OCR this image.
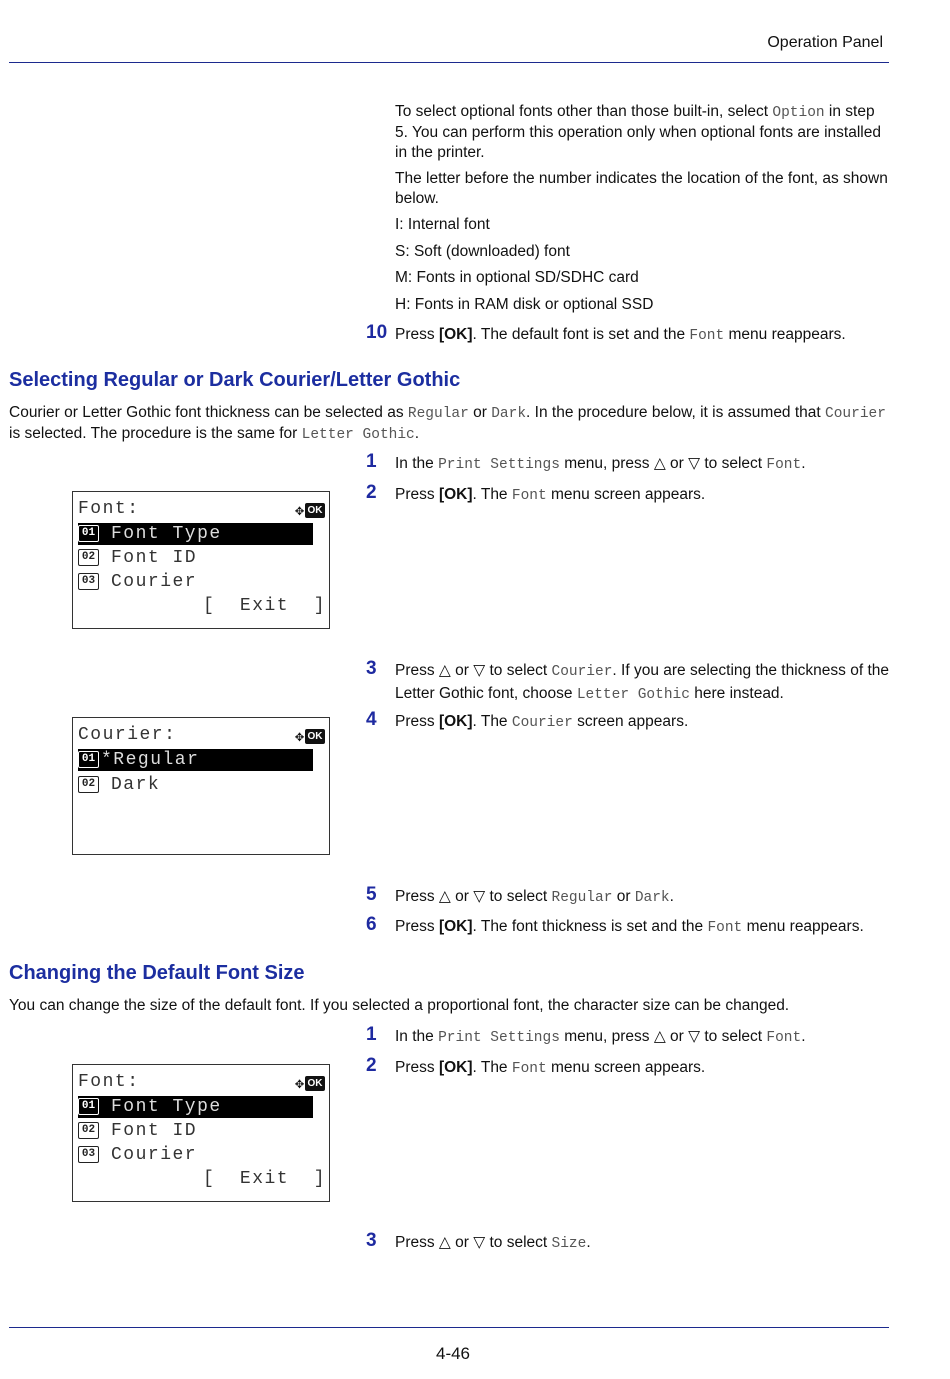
Operation Panel
To select optional fonts other than those built-in, select Option in step 5. You can perform this operation only when optional fonts are installed in the printer.
The letter before the number indicates the location of the font, as shown below.
I: Internal font
S: Soft (downloaded) font
M: Fonts in optional SD/SDHC card
H: Fonts in RAM disk or optional SSD
10 Press [OK]. The default font is set and the Font menu reappears.
Selecting Regular or Dark Courier/Letter Gothic
Courier or Letter Gothic font thickness can be selected as Regular or Dark. In the procedure below, it is assumed that Courier is selected. The procedure is the same for Letter Gothic.
1	In the Print Settings menu, press △ or ▽ to select Font.
2	Press [OK]. The Font menu screen appears.
Font:	✥ OK
01 Font Type
02 Font ID
03 Courier
[  Exit  ]
3	Press △ or ▽ to select Courier. If you are selecting the thickness of the Letter Gothic font, choose Letter Gothic here instead.
4	Press [OK]. The Courier screen appears.
Courier:	✥ OK
01 *Regular
02 Dark
5	Press △ or ▽ to select Regular or Dark.
6	Press [OK]. The font thickness is set and the Font menu reappears.
Changing the Default Font Size
You can change the size of the default font. If you selected a proportional font, the character size can be changed.
1	In the Print Settings menu, press △ or ▽ to select Font.
2	Press [OK]. The Font menu screen appears.
Font:	✥ OK
01 Font Type
02 Font ID
03 Courier
[  Exit  ]
3	Press △ or ▽ to select Size.
4-46
